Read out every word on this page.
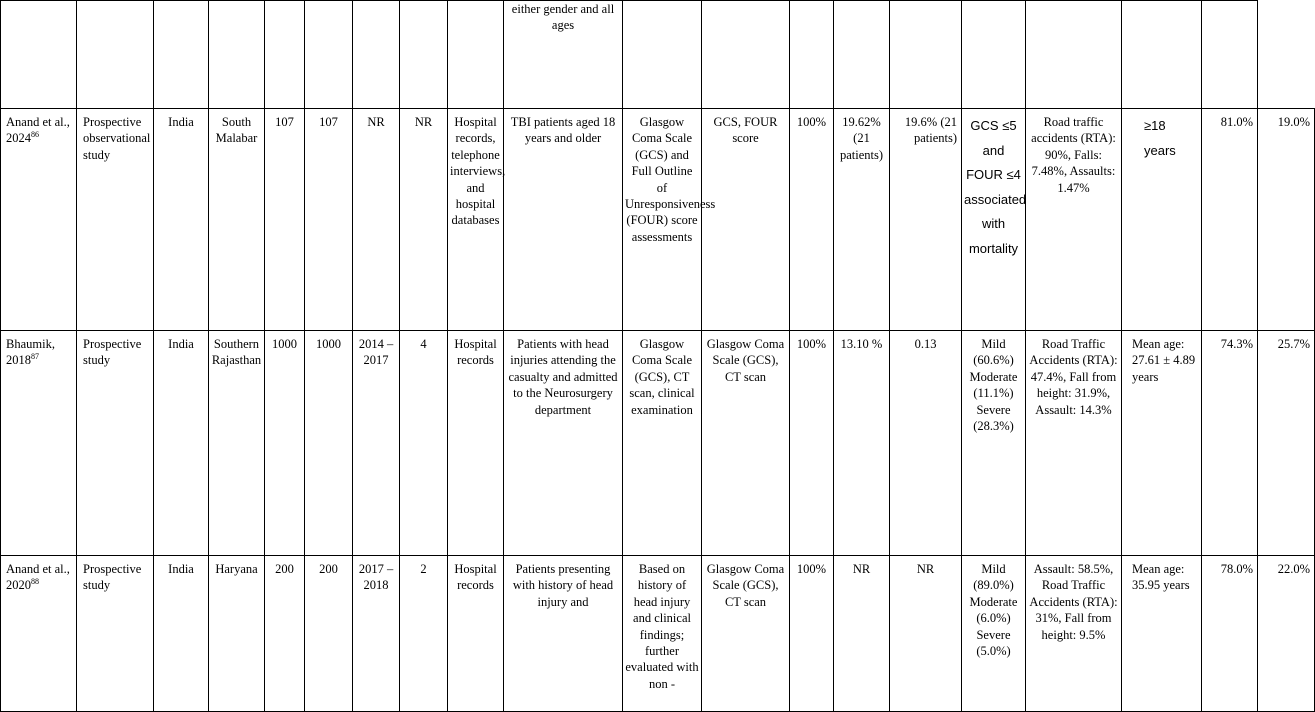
									either gender and all ages										
Anand et al., 2024$^{86}$	Prospective observational study	India	South Malabar	107	107	NR	NR	Hospital records, telephone interviews, and hospital databases	TBI patients aged 18 years and older	Glasgow Coma Scale (GCS) and Full Outline of Unresponsiveness (FOUR) score assessments	GCS, FOUR score	100%	19.62% (21 patients)	19.6% (21 patients)	GCS ≤5 and FOUR ≤4 associated with mortality	Road traffic accidents (RTA): 90%, Falls: 7.48%, Assaults: 1.47%	≥18 years	81.0%	19.0%
Bhaumik, 2018$^{87}$	Prospective study	India	Southern Rajasthan	1000	1000	2014 – 2017	4	Hospital records	Patients with head injuries attending the casualty and admitted to the Neurosurgery department	Glasgow Coma Scale (GCS), CT scan, clinical examination	Glasgow Coma Scale (GCS), CT scan	100%	13.10 %	0.13	Mild (60.6%) Moderate (11.1%) Severe (28.3%)	Road Traffic Accidents (RTA): 47.4%, Fall from height: 31.9%, Assault: 14.3%	Mean age: 27.61 ± 4.89 years	74.3%	25.7%
Anand et al., 2020$^{88}$	Prospective study	India	Haryana	200	200	2017 – 2018	2	Hospital records	Patients presenting with history of head injury and	Based on history of head injury and clinical findings; further evaluated with non -	Glasgow Coma Scale (GCS), CT scan	100%	NR	NR	Mild (89.0%) Moderate (6.0%) Severe (5.0%)	Assault: 58.5%, Road Traffic Accidents (RTA): 31%, Fall from height: 9.5%	Mean age: 35.95 years	78.0%	22.0%
